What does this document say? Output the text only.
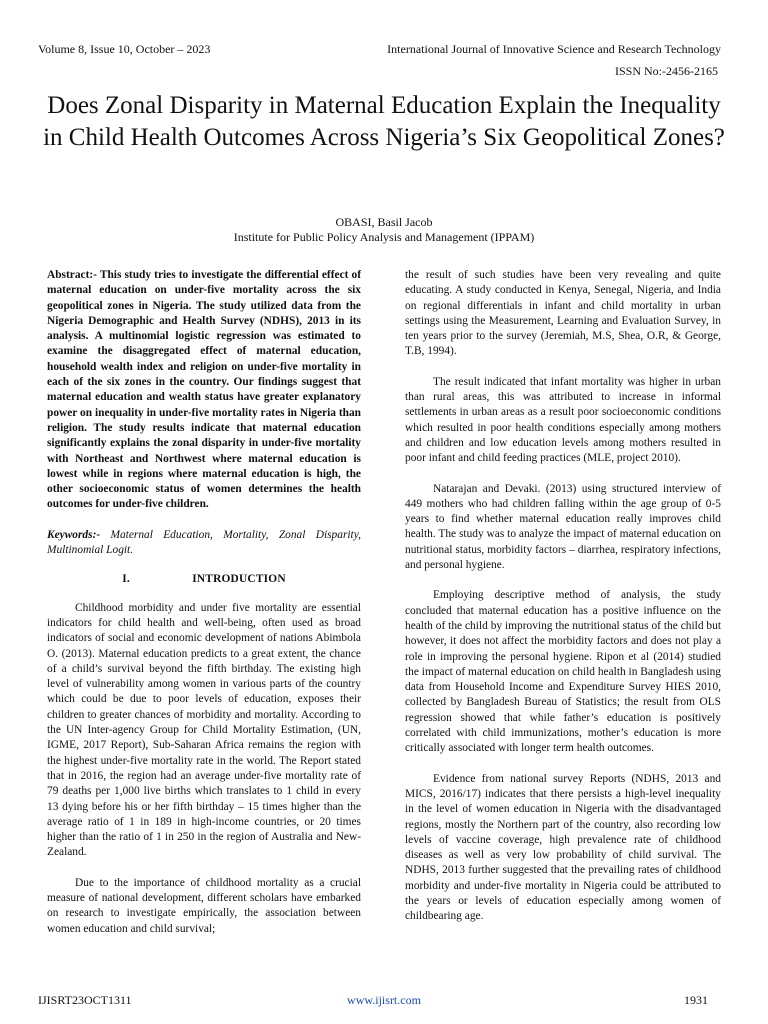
Volume 8, Issue 10, October – 2023	International Journal of Innovative Science and Research Technology
ISSN No:-2456-2165
Does Zonal Disparity in Maternal Education Explain the Inequality in Child Health Outcomes Across Nigeria’s Six Geopolitical Zones?
OBASI, Basil Jacob
Institute for Public Policy Analysis and Management (IPPAM)

Abstract:- This study tries to investigate the differential effect of maternal education on under-five mortality across the six geopolitical zones in Nigeria. The study utilized data from the Nigeria Demographic and Health Survey (NDHS), 2013 in its analysis. A multinomial logistic regression was estimated to examine the disaggregated effect of maternal education, household wealth index and religion on under-five mortality in each of the six zones in the country. Our findings suggest that maternal education and wealth status have greater explanatory power on inequality in under-five mortality rates in Nigeria than religion. The study results indicate that maternal education significantly explains the zonal disparity in under-five mortality with Northeast and Northwest where maternal education is lowest while in regions where maternal education is high, the other socioeconomic status of women determines the health outcomes for under-five children.

Keywords:- Maternal Education, Mortality, Zonal Disparity, Multinomial Logit.

I.	INTRODUCTION

Childhood morbidity and under five mortality are essential indicators for child health and well-being, often used as broad indicators of social and economic development of nations Abimbola O. (2013). Maternal education predicts to a great extent, the chance of a child’s survival beyond the fifth birthday. The existing high level of vulnerability among women in various parts of the country which could be due to poor levels of education, exposes their children to greater chances of morbidity and mortality. According to the UN Inter-agency Group for Child Mortality Estimation, (UN, IGME, 2017 Report), Sub-Saharan Africa remains the region with the highest under-five mortality rate in the world. The Report stated that in 2016, the region had an average under-five mortality rate of 79 deaths per 1,000 live births which translates to 1 child in every 13 dying before his or her fifth birthday – 15 times higher than the average ratio of 1 in 189 in high-income countries, or 20 times higher than the ratio of 1 in 250 in the region of Australia and New-Zealand.

Due to the importance of childhood mortality as a crucial measure of national development, different scholars have embarked on research to investigate empirically, the association between women education and child survival;

the result of such studies have been very revealing and quite educating. A study conducted in Kenya, Senegal, Nigeria, and India on regional differentials in infant and child mortality in urban settings using the Measurement, Learning and Evaluation Survey, in ten years prior to the survey (Jeremiah, M.S, Shea, O.R, & George, T.B, 1994).

The result indicated that infant mortality was higher in urban than rural areas, this was attributed to increase in informal settlements in urban areas as a result poor socioeconomic conditions which resulted in poor health conditions especially among mothers and children and low education levels among mothers resulted in poor infant and child feeding practices (MLE, project 2010).

Natarajan and Devaki. (2013) using structured interview of 449 mothers who had children falling within the age group of 0-5 years to find whether maternal education really improves child health. The study was to analyze the impact of maternal education on nutritional status, morbidity factors – diarrhea, respiratory infections, and personal hygiene.

Employing descriptive method of analysis, the study concluded that maternal education has a positive influence on the health of the child by improving the nutritional status of the child but however, it does not affect the morbidity factors and does not play a role in improving the personal hygiene. Ripon et al (2014) studied the impact of maternal education on child health in Bangladesh using data from Household Income and Expenditure Survey HIES 2010, collected by Bangladesh Bureau of Statistics; the result from OLS regression showed that while father’s education is positively correlated with child immunizations, mother’s education is more critically associated with longer term health outcomes.

Evidence from national survey Reports (NDHS, 2013 and MICS, 2016/17) indicates that there persists a high-level inequality in the level of women education in Nigeria with the disadvantaged regions, mostly the Northern part of the country, also recording low levels of vaccine coverage, high prevalence rate of childhood diseases as well as very low probability of child survival. The NDHS, 2013 further suggested that the prevailing rates of childhood morbidity and under-five mortality in Nigeria could be attributed to the years or levels of education especially among women of childbearing age.

IJISRT23OCT1311	www.ijisrt.com	1931
